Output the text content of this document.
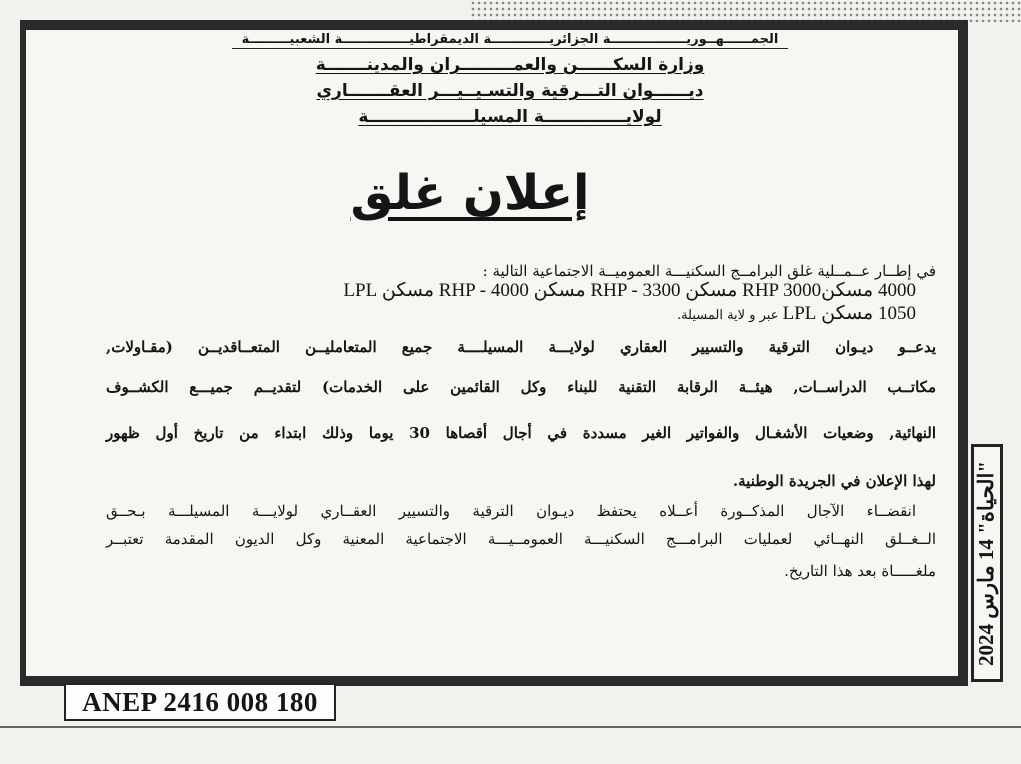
الجمــــــهــوريـــــــــــــــــة الجزائريـــــــــــــة الديمقراطيـــــــــــــــة الشعبيـــــــــة
وزارة السكــــــن والعمـــــــــران والمدينـــــــة
ديــــــوان التـــرقية والتسـيــيـــر العقـــــــاري
لولايــــــــــــــة المسيلــــــــــــــــــة
إعلان غلق

في إطــار عــمــلية غلق البرامــج السكنيـــة العموميــة الاجتماعية التالية :

4000 مسكنRHP 3000 مسكن RHP - 3300 مسكن RHP - 4000 مسكن LPL

1050 مسكن LPL عبر و لاية المسيلة.

يدعــو ديـوان الترقية والتسيير العقاري لولايـــة المسيلــــة جميع المتعامليــن المتعــاقديــن (مقـاولات,

مكاتــب الدراســات, هيئــة الرقابة التقنية للبناء وكل القائمين على الخدمات) لتقديــم جميـــع الكشــوف

النهائية, وضعيات الأشغـال والفواتير الغير مسددة في أجال أقصاها 30 يوما وذلك ابتداء من تاريخ أول ظهور

لهذا الإعلان في الجريدة الوطنية.

انقضــاء الآجال المذكــورة أعــلاه يحتفظ ديـوان الترقية والتسيير العقــاري لولايـــة المسيلـــة بـحــق

الــغــلق النهــائي لعمليات البرامـــج السكنيـــة العمومــيـــة الاجتماعية المعنية وكل الديون المقدمة تعتبــر

ملغـــــاة بعد هذا التاريخ.

"الحياة" 14 مارس 2024
ANEP 2416 008 180
